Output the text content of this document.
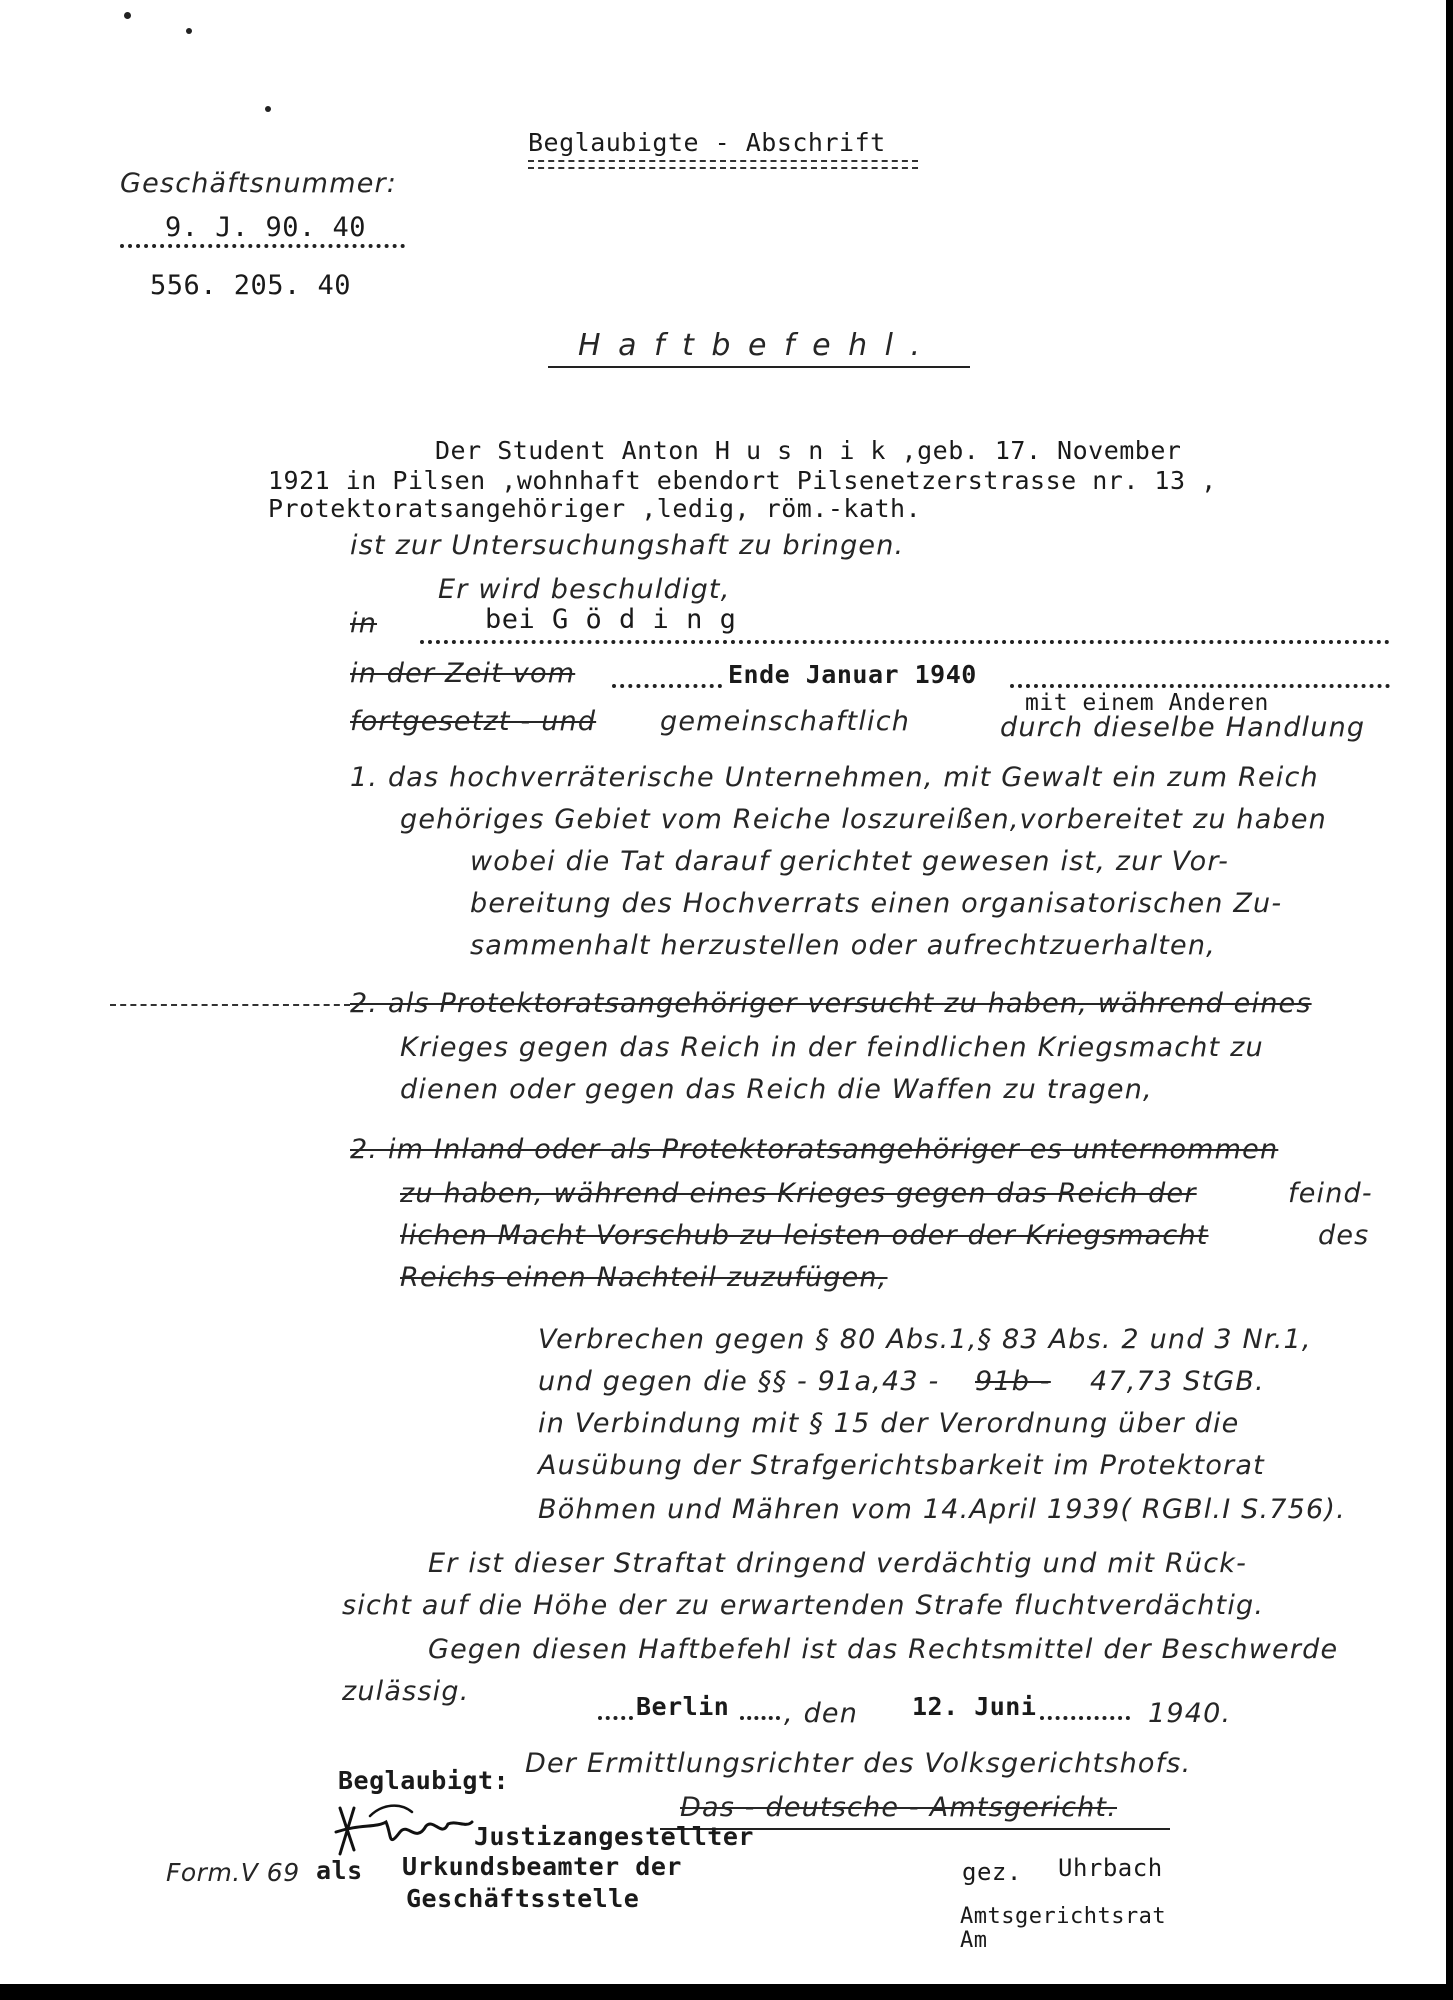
Beglaubigte - Abschrift
Geschäftsnummer:
9. J. 90. 40
556. 205. 40
H a f t b e f e h l .
Der Student Anton H u s n i k ,geb. 17. November
1921 in Pilsen ,wohnhaft ebendort Pilsenetzerstrasse nr. 13 ,
Protektoratsangehöriger ,ledig, röm.-kath.
ist zur Untersuchungshaft zu bringen.
Er wird beschuldigt,
in	bei G ö d i n g
in der Zeit vom	Ende Januar 1940
fortgesetzt - und gemeinschaftlich
mit einem Anderen
durch dieselbe Handlung
1. das hochverräterische Unternehmen, mit Gewalt ein zum Reich
gehöriges Gebiet vom Reiche loszureißen,vorbereitet zu haben
wobei die Tat darauf gerichtet gewesen ist, zur Vor-
bereitung des Hochverrats einen organisatorischen Zu-
sammenhalt herzustellen oder aufrechtzuerhalten,
2. als Protektoratsangehöriger versucht zu haben, während eines
Krieges gegen das Reich in der feindlichen Kriegsmacht zu
dienen oder gegen das Reich die Waffen zu tragen,
2. im Inland oder als Protektoratsangehöriger es unternommen
zu haben, während eines Krieges gegen das Reich der	feind-
lichen Macht Vorschub zu leisten oder der Kriegsmacht	des
Reichs einen Nachteil zuzufügen,
Verbrechen gegen § 80 Abs.1,§ 83 Abs. 2 und 3 Nr.1,
und gegen die §§ - 91a,43 - 91b - 47,73 StGB.
in Verbindung mit § 15 der Verordnung über die
Ausübung der Strafgerichtsbarkeit im Protektorat
Böhmen und Mähren vom 14.April 1939( RGBl.I S.756).
Er ist dieser Straftat dringend verdächtig und mit Rück-
sicht auf die Höhe der zu erwartenden Strafe fluchtverdächtig.
Gegen diesen Haftbefehl ist das Rechtsmittel der Beschwerde
zulässig.	Berlin , den 12. Juni	1940.
Der Ermittlungsrichter des Volksgerichtshofs.
Das - deutsche - Amtsgericht.
Beglaubigt:
Justizangestellter
Form.V 69 als Urkundsbeamter der
Geschäftsstelle
gez. Uhrbach
Amtsgerichtsrat
Am
